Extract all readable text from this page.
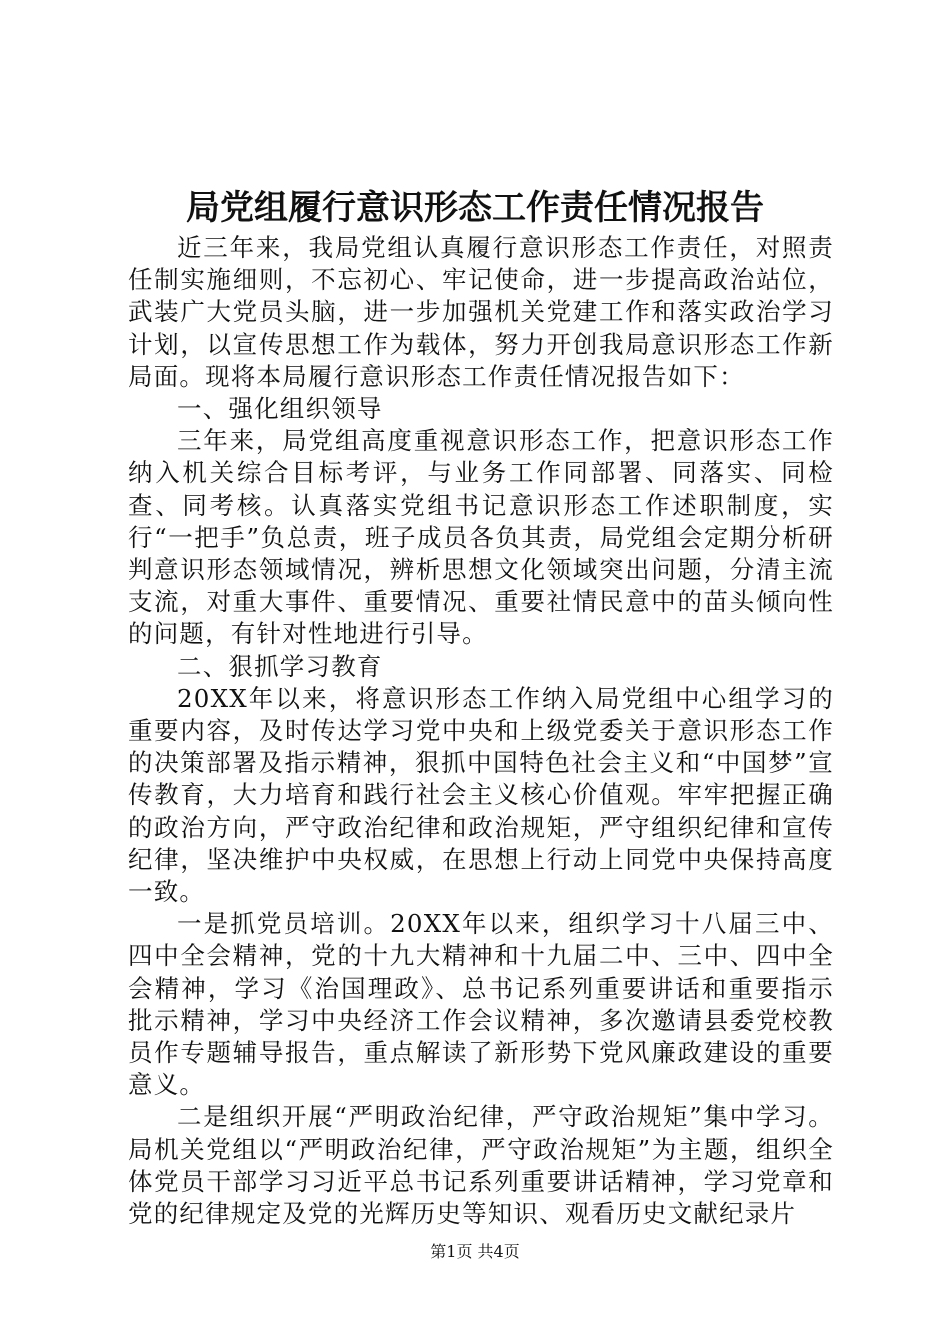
局党组履行意识形态工作责任情况报告

近三年来，我局党组认真履行意识形态工作责任，对照责任制实施细则，不忘初心、牢记使命，进一步提高政治站位，武装广大党员头脑，进一步加强机关党建工作和落实政治学习计划，以宣传思想工作为载体，努力开创我局意识形态工作新局面。现将本局履行意识形态工作责任情况报告如下：

一、强化组织领导

三年来，局党组高度重视意识形态工作，把意识形态工作纳入机关综合目标考评，与业务工作同部署、同落实、同检查、同考核。认真落实党组书记意识形态工作述职制度，实行“一把手”负总责，班子成员各负其责，局党组会定期分析研判意识形态领域情况，辨析思想文化领域突出问题，分清主流支流，对重大事件、重要情况、重要社情民意中的苗头倾向性的问题，有针对性地进行引导。

二、狠抓学习教育

20XX年以来，将意识形态工作纳入局党组中心组学习的重要内容，及时传达学习党中央和上级党委关于意识形态工作的决策部署及指示精神，狠抓中国特色社会主义和“中国梦”宣传教育，大力培育和践行社会主义核心价值观。牢牢把握正确的政治方向，严守政治纪律和政治规矩，严守组织纪律和宣传纪律，坚决维护中央权威，在思想上行动上同党中央保持高度一致。

一是抓党员培训。20XX年以来，组织学习十八届三中、四中全会精神，党的十九大精神和十九届二中、三中、四中全会精神，学习《治国理政》、总书记系列重要讲话和重要指示批示精神，学习中央经济工作会议精神，多次邀请县委党校教员作专题辅导报告，重点解读了新形势下党风廉政建设的重要意义。

二是组织开展“严明政治纪律，严守政治规矩”集中学习。局机关党组以“严明政治纪律，严守政治规矩”为主题，组织全体党员干部学习习近平总书记系列重要讲话精神，学习党章和党的纪律规定及党的光辉历史等知识、观看历史文献纪录片

第1页 共4页
